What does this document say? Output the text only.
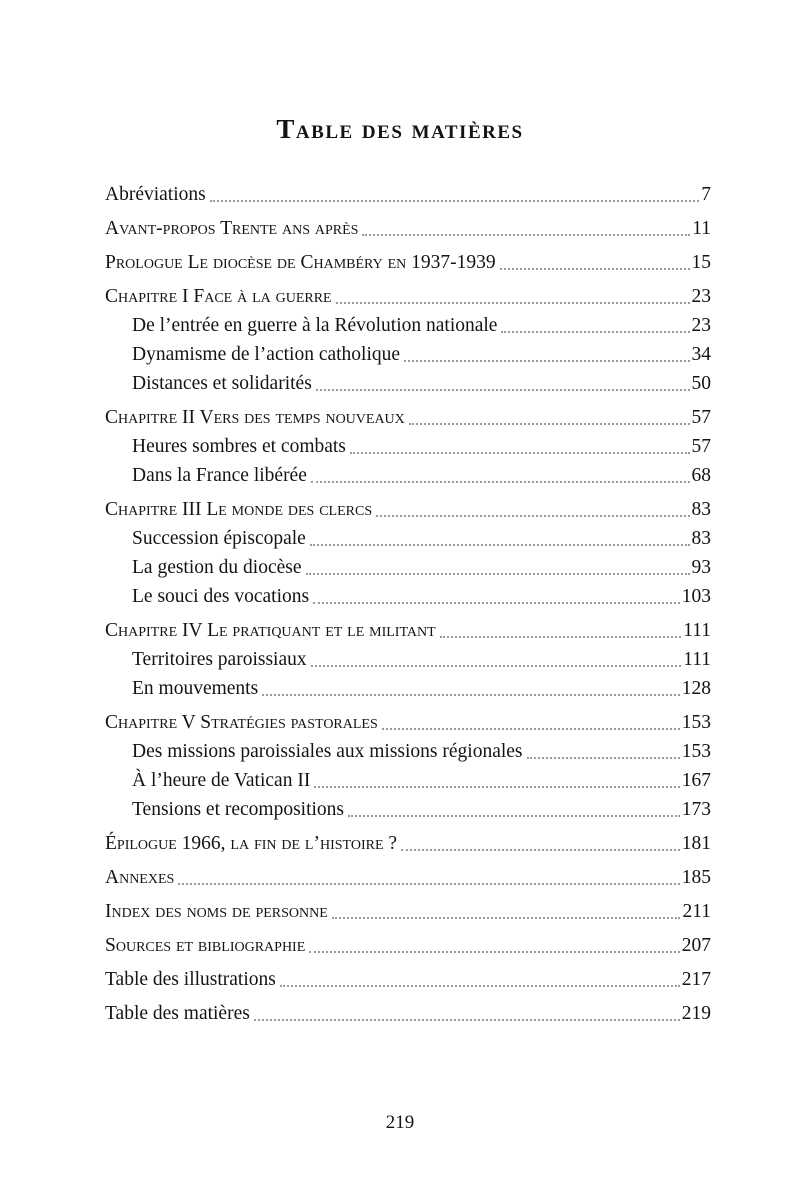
Table des matières
Abréviations	7
Avant-propos Trente ans après	11
Prologue Le diocèse de Chambéry en 1937-1939	15
Chapitre I Face à la guerre	23
De l’entrée en guerre à la Révolution nationale	23
Dynamisme de l’action catholique	34
Distances et solidarités	50
Chapitre II Vers des temps nouveaux	57
Heures sombres et combats	57
Dans la France libérée	68
Chapitre III Le monde des clercs	83
Succession épiscopale	83
La gestion du diocèse	93
Le souci des vocations	103
Chapitre IV Le pratiquant et le militant	111
Territoires paroissiaux	111
En mouvements	128
Chapitre V Stratégies pastorales	153
Des missions paroissiales aux missions régionales	153
À l’heure de Vatican II	167
Tensions et recompositions	173
Épilogue 1966, la fin de l’histoire ?	181
Annexes	185
Index des noms de personne	211
Sources et bibliographie	207
Table des illustrations	217
Table des matières	219
219
